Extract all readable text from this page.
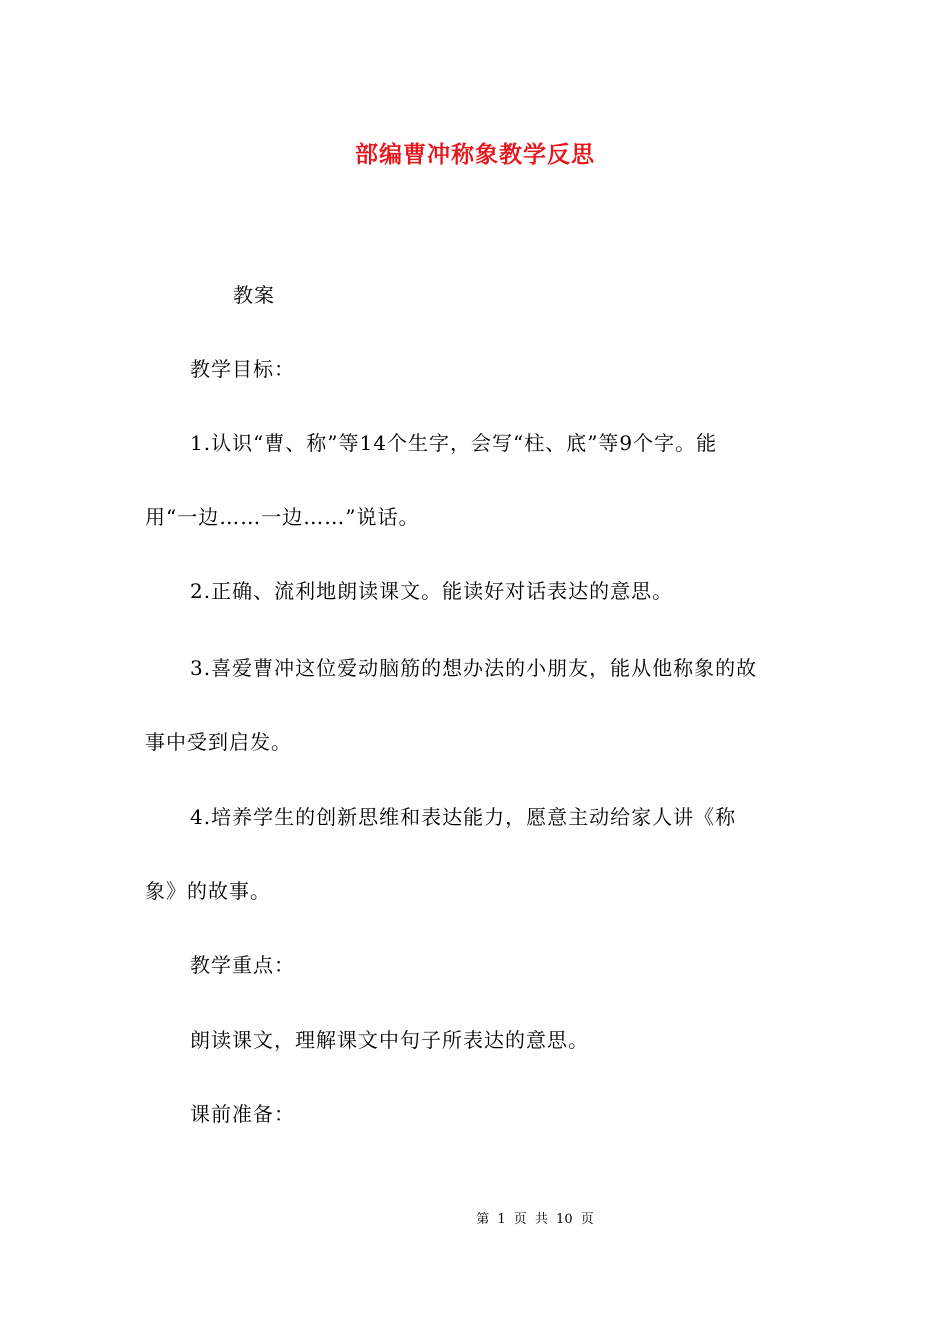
部编曹冲称象教学反思
教案
教学目标：
1.认识“曹、称”等14个生字，会写“柱、底”等9个字。能
用“一边……一边……”说话。
2.正确、流利地朗读课文。能读好对话表达的意思。
3.喜爱曹冲这位爱动脑筋的想办法的小朋友，能从他称象的故
事中受到启发。
4.培养学生的创新思维和表达能力，愿意主动给家人讲《称
象》的故事。
教学重点：
朗读课文，理解课文中句子所表达的意思。
课前准备：
第 1 页 共 10 页
